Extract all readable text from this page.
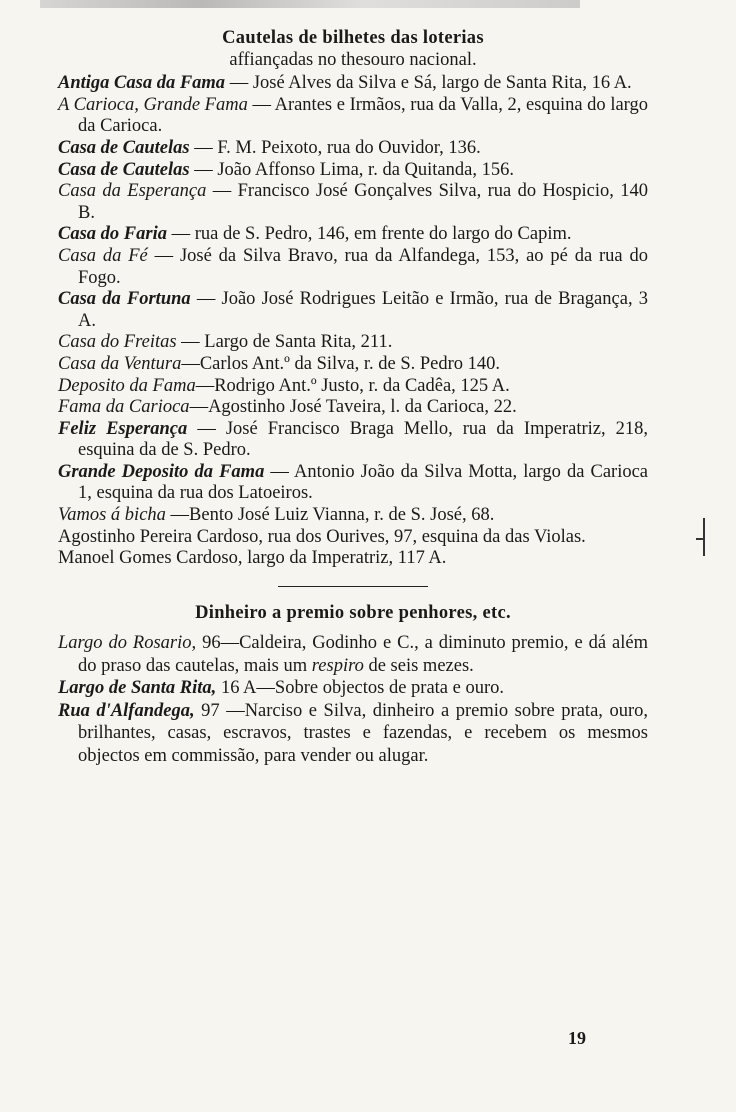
Cautelas de bilhetes das loterias
affiançadas no thesouro nacional.
Antiga Casa da Fama — José Alves da Silva e Sá, largo de Santa Rita, 16 A.
A Carioca, Grande Fama — Arantes e Irmãos, rua da Valla, 2, esquina do largo da Carioca.
Casa de Cautelas — F. M. Peixoto, rua do Ouvidor, 136.
Casa de Cautelas — João Affonso Lima, r. da Quitanda, 156.
Casa da Esperança — Francisco José Gonçalves Silva, rua do Hospicio, 140 B.
Casa do Faria — rua de S. Pedro, 146, em frente do largo do Capim.
Casa da Fé — José da Silva Bravo, rua da Alfandega, 153, ao pé da rua do Fogo.
Casa da Fortuna — João José Rodrigues Leitão e Irmão, rua de Bragança, 3 A.
Casa do Freitas — Largo de Santa Rita, 211.
Casa da Ventura—Carlos Ant.º da Silva, r. de S. Pedro 140.
Deposito da Fama—Rodrigo Ant.º Justo, r. da Cadêa, 125 A.
Fama da Carioca—Agostinho José Taveira, l. da Carioca, 22.
Feliz Esperança — José Francisco Braga Mello, rua da Imperatriz, 218, esquina da de S. Pedro.
Grande Deposito da Fama — Antonio João da Silva Motta, largo da Carioca 1, esquina da rua dos Latoeiros.
Vamos á bicha —Bento José Luiz Vianna, r. de S. José, 68.
Agostinho Pereira Cardoso, rua dos Ourives, 97, esquina da das Violas.
Manoel Gomes Cardoso, largo da Imperatriz, 117 A.
Dinheiro a premio sobre penhores, etc.
Largo do Rosario, 96—Caldeira, Godinho e C., a diminuto premio, e dá além do praso das cautelas, mais um respiro de seis mezes.
Largo de Santa Rita, 16 A—Sobre objectos de prata e ouro.
Rua d'Alfandega, 97 —Narciso e Silva, dinheiro a premio sobre prata, ouro, brilhantes, casas, escravos, trastes e fazendas, e recebem os mesmos objectos em commissão, para vender ou alugar.
19
